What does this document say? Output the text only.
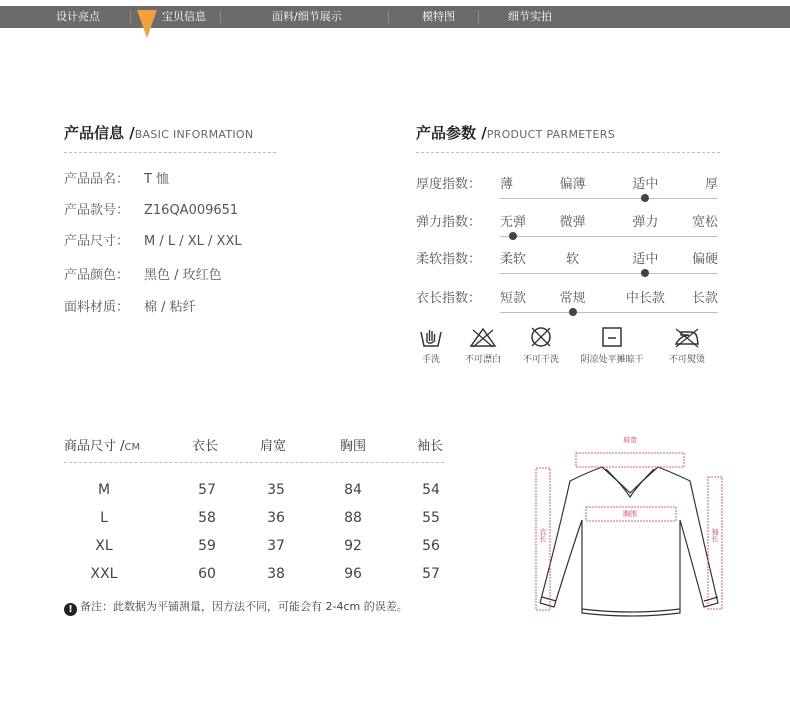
设计亮点	宝贝信息	面料/细节展示	模特图	细节实拍
产品信息 /BASIC INFORMATION
产品品名： T 恤
产品款号： Z16QA009651
产品尺寸： M / L / XL / XXL
产品颜色： 黑色 / 玫红色
面料材质： 棉 / 粘纤
产品参数 /PRODUCT PARMETERS
厚度指数： 薄	偏薄	适中	厚
弹力指数： 无弹	微弹	弹力	宽松
柔软指数： 柔软	软	适中	偏硬
衣长指数： 短款	常规	中长款 长款
手洗	不可漂白	不可干洗	阴凉处平摊晾干	不可熨烫
商品尺寸 /CM	衣长	肩宽	胸围	袖长
M	57	35	84	54
L	58	36	88	55
XL	59	37	92	56
XXL	60	38	96	57
! 备注：此数据为平铺测量，因方法不同，可能会有 2-4cm 的误差。
肩宽
胸围
衣长	袖长
